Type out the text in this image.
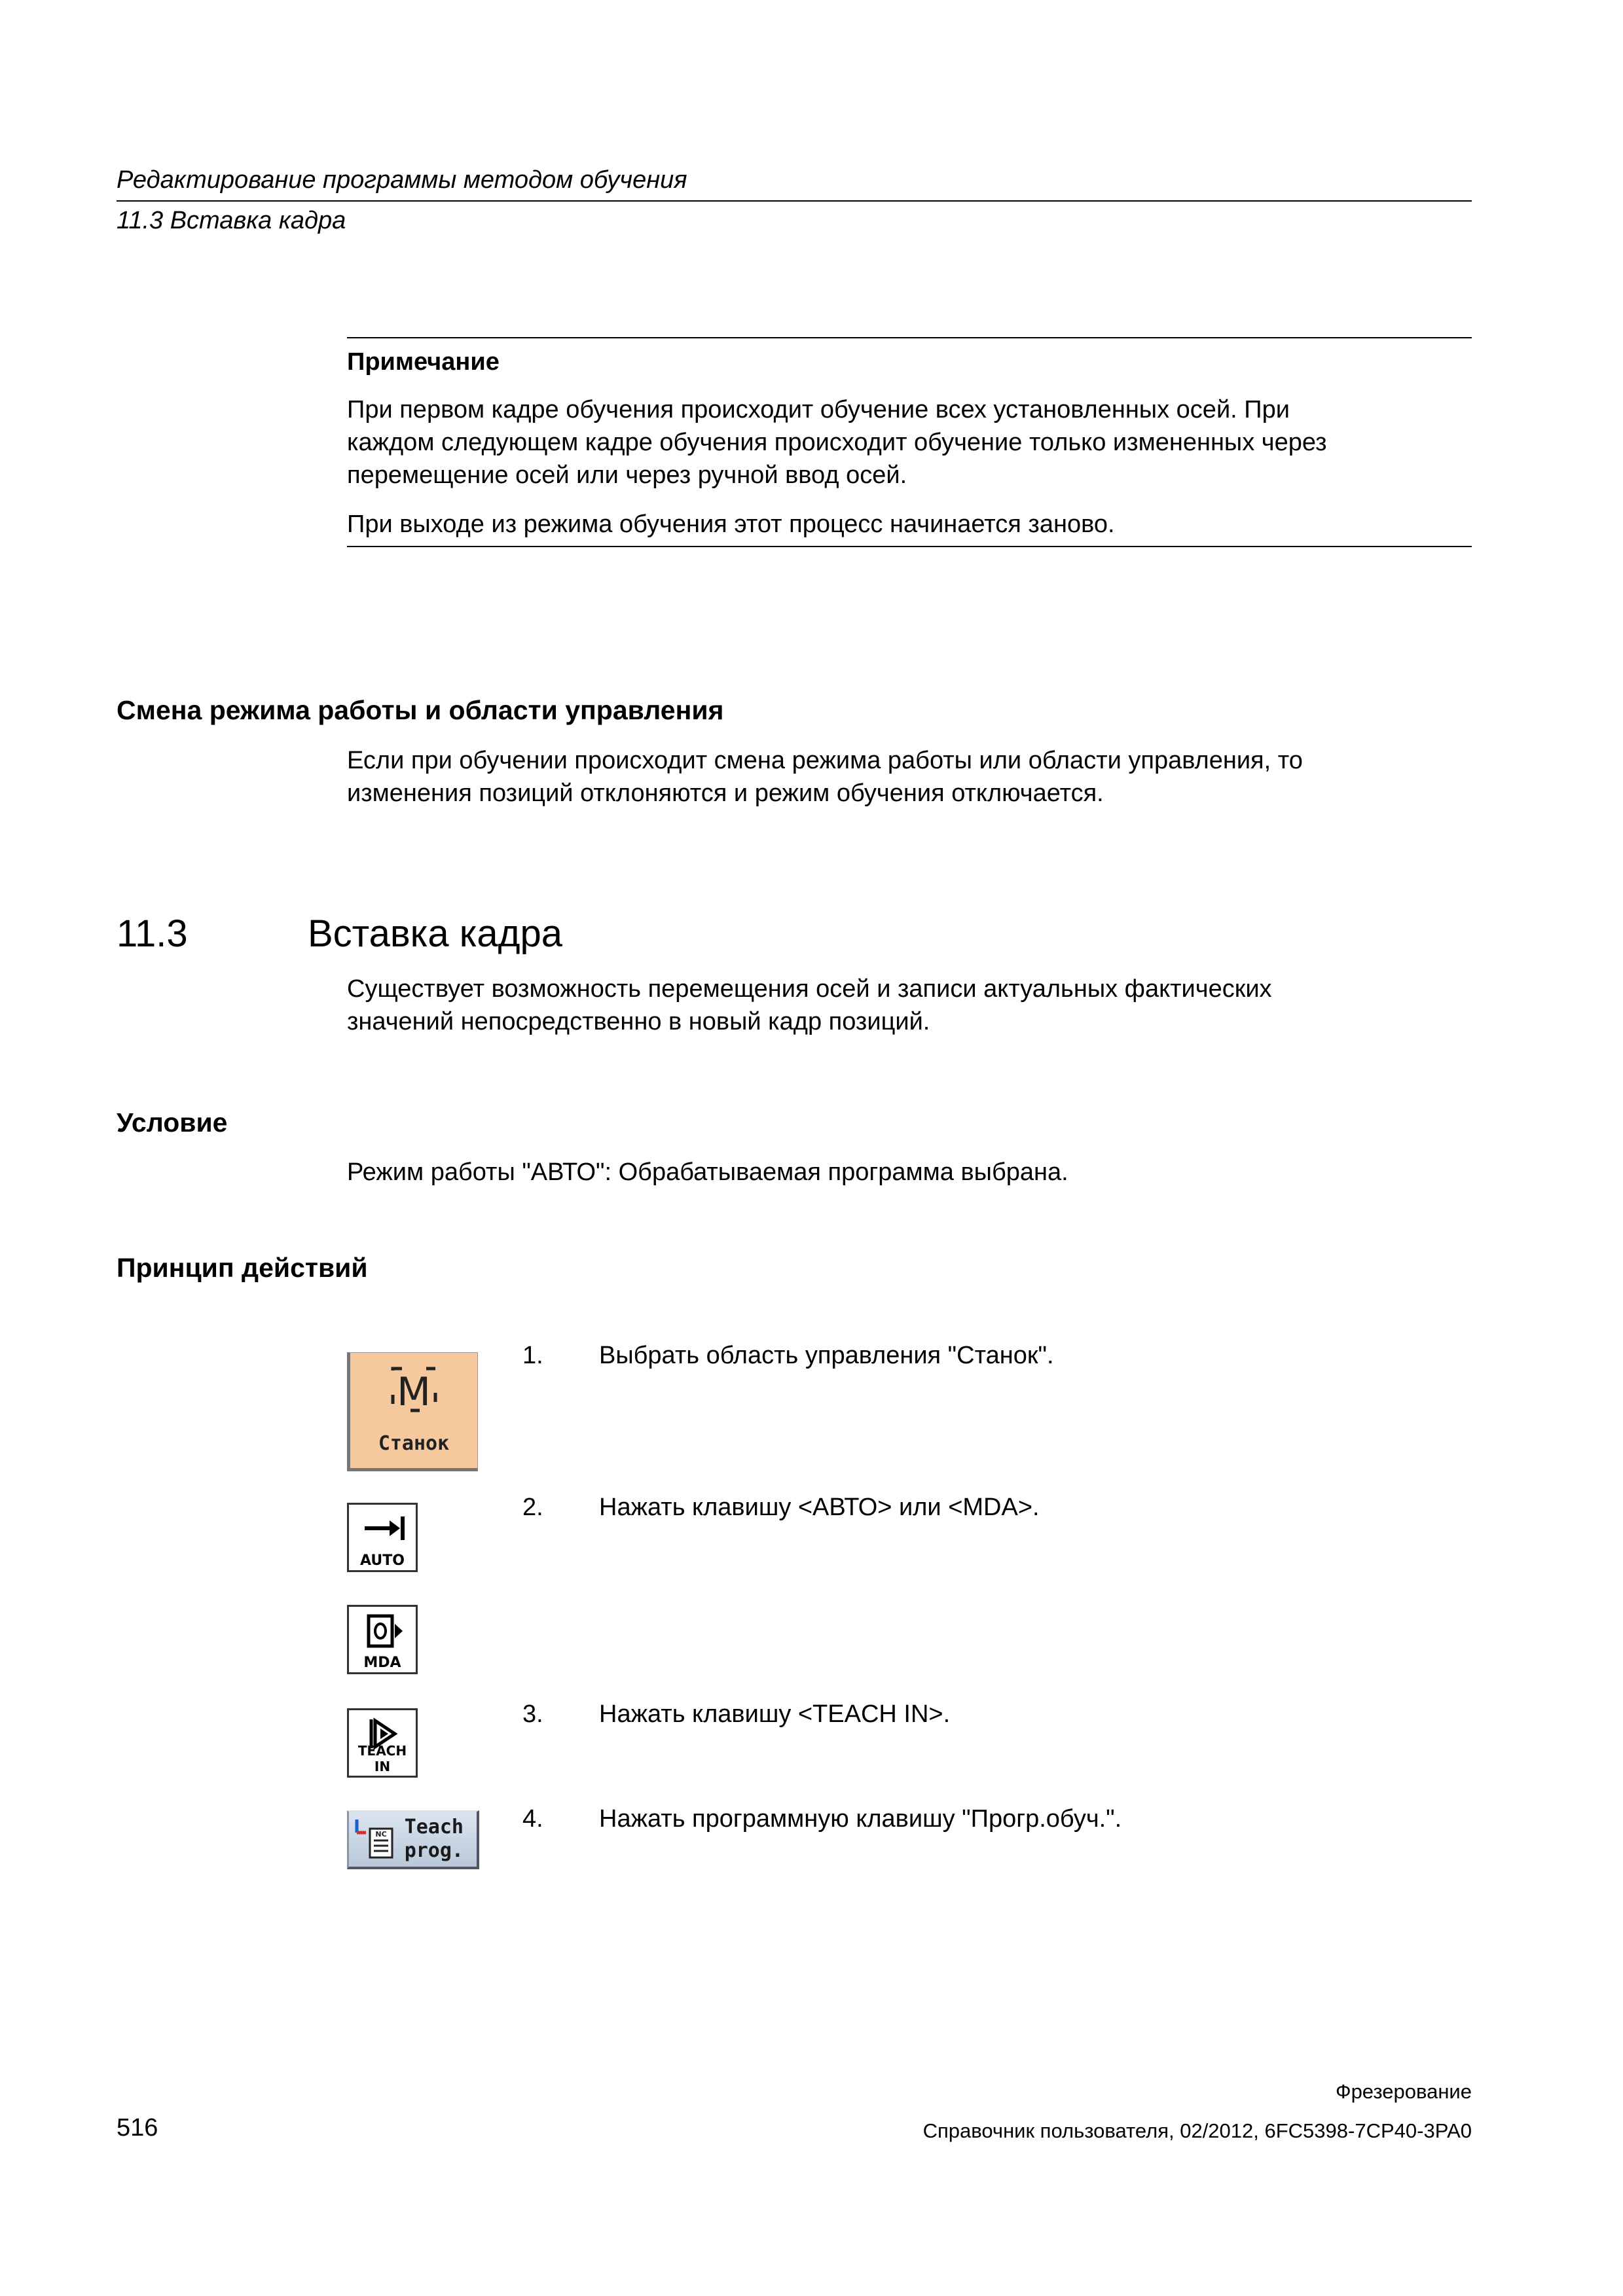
Редактирование программы методом обучения
11.3 Вставка кадра
Примечание
При первом кадре обучения происходит обучение всех установленных осей. При
каждом следующем кадре обучения происходит обучение только измененных через
перемещение осей или через ручной ввод осей.
При выходе из режима обучения этот процесс начинается заново.
Смена режима работы и области управления
Если при обучении происходит смена режима работы или области управления, то
изменения позиций отклоняются и режим обучения отключается.
11.3	Вставка кадра
Существует возможность перемещения осей и записи актуальных фактических
значений непосредственно в новый кадр позиций.
Условие
Режим работы "АВТО": Обрабатываемая программа выбрана.
Принцип действий
M
Станок
1. Выбрать область управления "Станок".
AUTO
2. Нажать клавишу <АВТО> или <MDA>.
MDA
TEACH IN
3. Нажать клавишу <TEACH IN>.
NC Teach
prog.
4. Нажать программную клавишу "Прогр.обуч.".
Фрезерование
516	Справочник пользователя, 02/2012, 6FC5398-7CP40-3PA0
